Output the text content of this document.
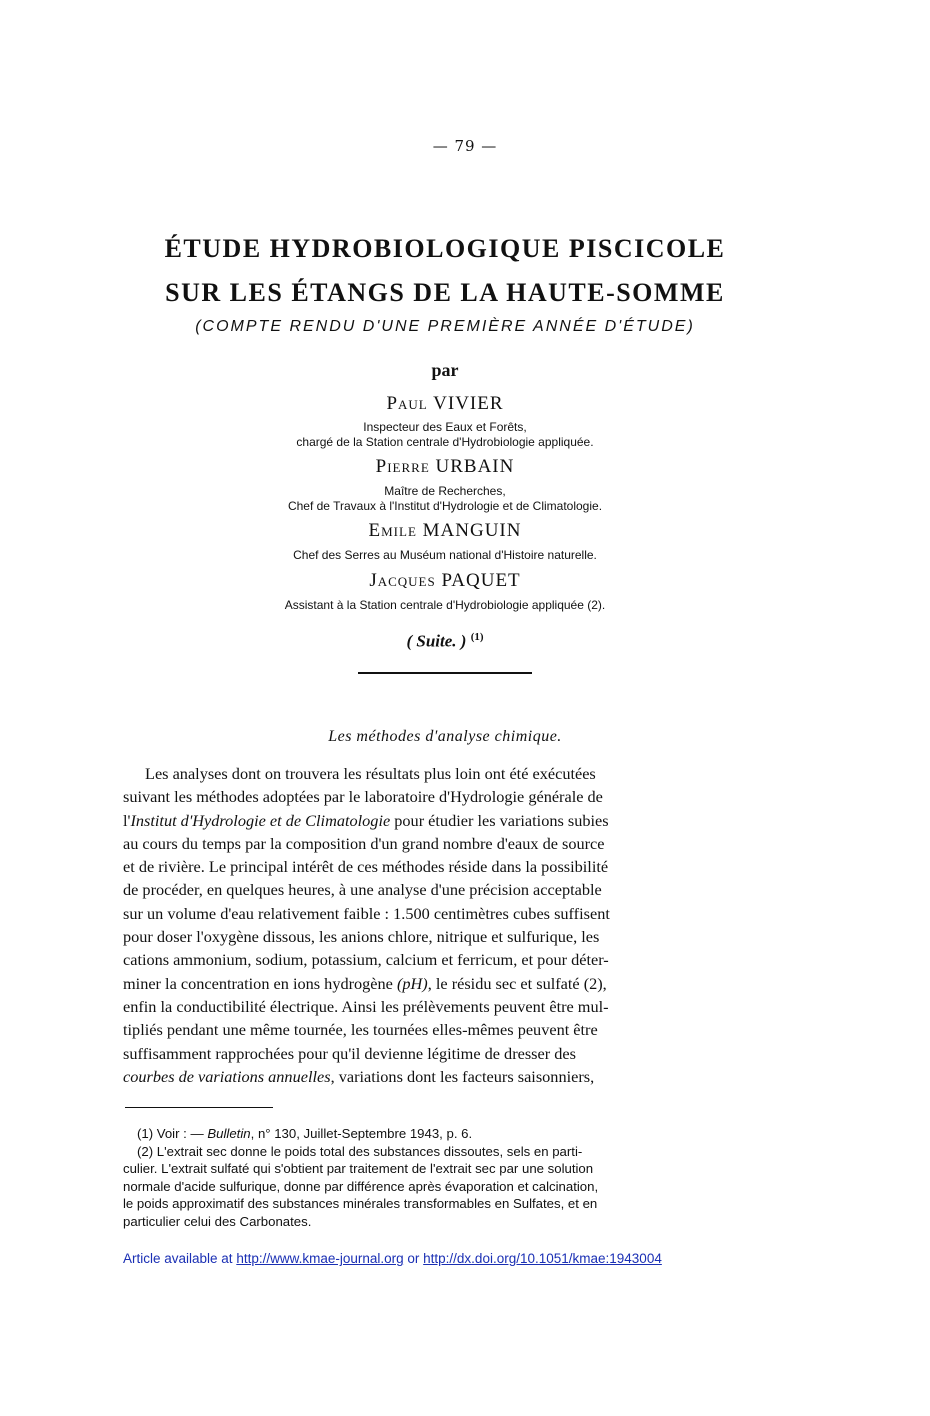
— 79 —
ÉTUDE HYDROBIOLOGIQUE PISCICOLE
SUR LES ÉTANGS DE LA HAUTE-SOMME
(COMPTE RENDU D'UNE PREMIÈRE ANNÉE D'ÉTUDE)
par
Paul VIVIER
Inspecteur des Eaux et Forêts,
chargé de la Station centrale d'Hydrobiologie appliquée.
Pierre URBAIN
Maître de Recherches,
Chef de Travaux à l'Institut d'Hydrologie et de Climatologie.
Emile MANGUIN
Chef des Serres au Muséum national d'Histoire naturelle.
Jacques PAQUET
Assistant à la Station centrale d'Hydrobiologie appliquée (2).
( Suite. ) $^{(1)}$
Les méthodes d'analyse chimique.
Les analyses dont on trouvera les résultats plus loin ont été exécutées
suivant les méthodes adoptées par le laboratoire d'Hydrologie générale de
l'Institut d'Hydrologie et de Climatologie pour étudier les variations subies
au cours du temps par la composition d'un grand nombre d'eaux de source
et de rivière. Le principal intérêt de ces méthodes réside dans la possibilité
de procéder, en quelques heures, à une analyse d'une précision acceptable
sur un volume d'eau relativement faible : 1.500 centimètres cubes suffisent
pour doser l'oxygène dissous, les anions chlore, nitrique et sulfurique, les
cations ammonium, sodium, potassium, calcium et ferricum, et pour déter-
miner la concentration en ions hydrogène (pH), le résidu sec et sulfaté (2),
enfin la conductibilité électrique. Ainsi les prélèvements peuvent être mul-
tipliés pendant une même tournée, les tournées elles-mêmes peuvent être
suffisamment rapprochées pour qu'il devienne légitime de dresser des
courbes de variations annuelles, variations dont les facteurs saisonniers,
(1) Voir : — Bulletin, n° 130, Juillet-Septembre 1943, p. 6.
(2) L'extrait sec donne le poids total des substances dissoutes, sels en parti-
culier. L'extrait sulfaté qui s'obtient par traitement de l'extrait sec par une solution
normale d'acide sulfurique, donne par différence après évaporation et calcination,
le poids approximatif des substances minérales transformables en Sulfates, et en
particulier celui des Carbonates.
Article available at http://www.kmae-journal.org or http://dx.doi.org/10.1051/kmae:1943004
